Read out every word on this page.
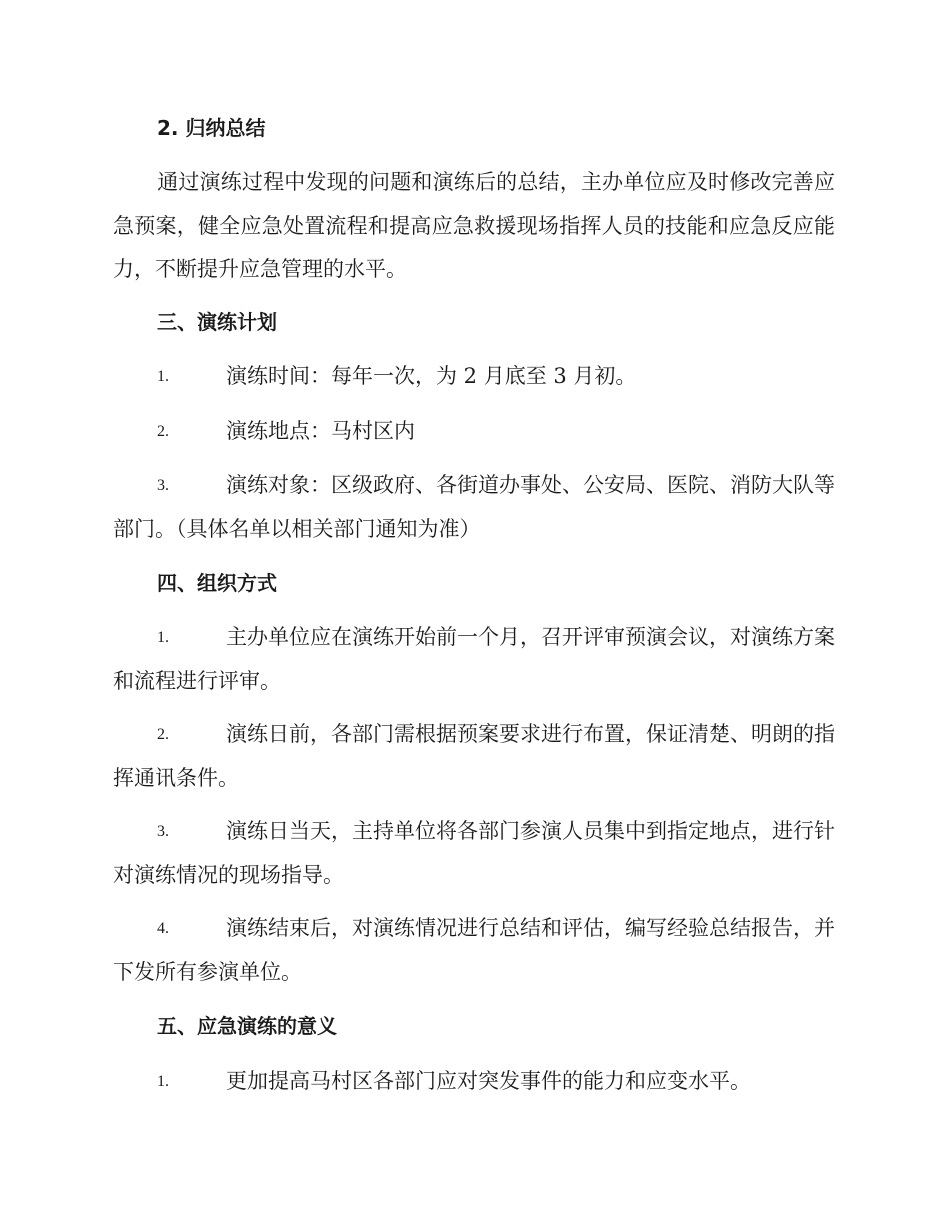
2. 归纳总结
通过演练过程中发现的问题和演练后的总结，主办单位应及时修改完善应急预案，健全应急处置流程和提高应急救援现场指挥人员的技能和应急反应能力，不断提升应急管理的水平。
三、演练计划
1.	演练时间：每年一次，为 2 月底至 3 月初。
2.	演练地点：马村区内
3.	演练对象：区级政府、各街道办事处、公安局、医院、消防大队等部门。（具体名单以相关部门通知为准）
四、组织方式
1.	主办单位应在演练开始前一个月，召开评审预演会议，对演练方案和流程进行评审。
2.	演练日前，各部门需根据预案要求进行布置，保证清楚、明朗的指挥通讯条件。
3.	演练日当天，主持单位将各部门参演人员集中到指定地点，进行针对演练情况的现场指导。
4.	演练结束后，对演练情况进行总结和评估，编写经验总结报告，并下发所有参演单位。
五、应急演练的意义
1.	更加提高马村区各部门应对突发事件的能力和应变水平。
